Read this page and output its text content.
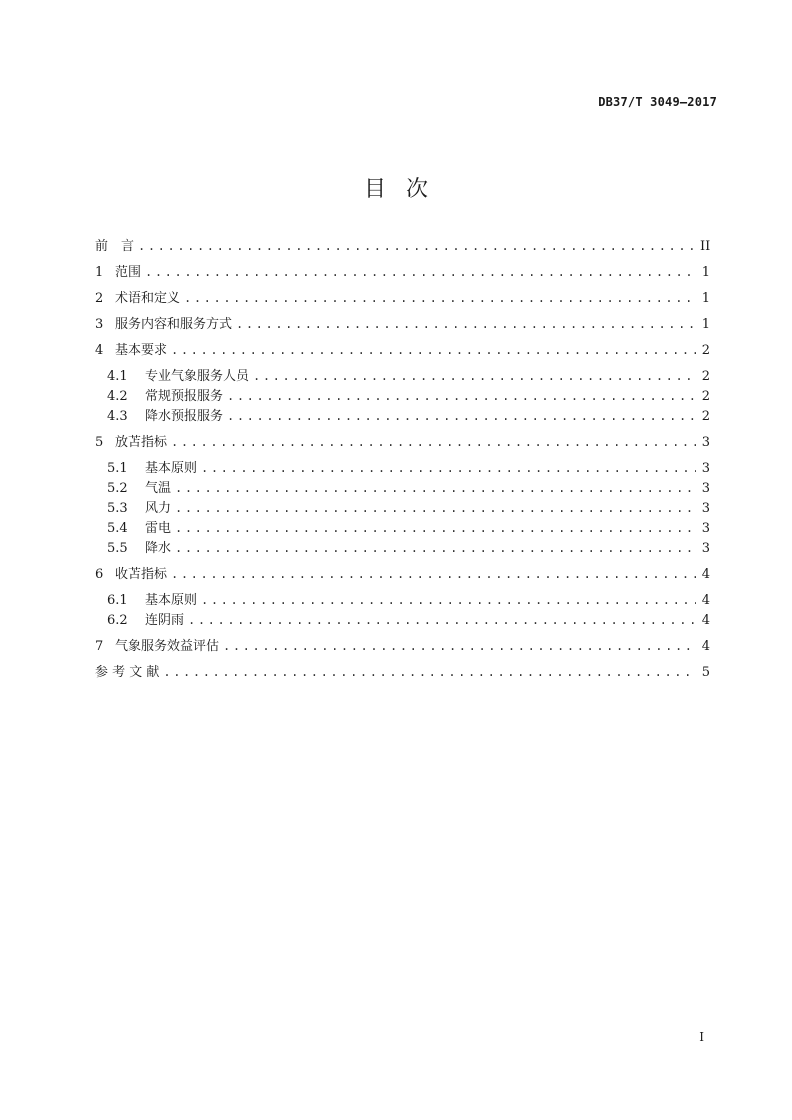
DB37/T 3049—2017
目 次
前　言 .....	II
1 范围 .....	1
2 术语和定义 .....	1
3 服务内容和服务方式 .....	1
4 基本要求 .....	2
4.1	专业气象服务人员 .....	2
4.2	常规预报服务 .....	2
4.3	降水预报服务 .....	2
5 放苫指标 .....	3
5.1	基本原则 .....	3
5.2	气温 .....	3
5.3	风力 .....	3
5.4	雷电 .....	3
5.5	降水 .....	3
6 收苫指标 .....	4
6.1	基本原则 .....	4
6.2	连阴雨 .....	4
7 气象服务效益评估 .....	4
参 考 文 献 .....	5
I
